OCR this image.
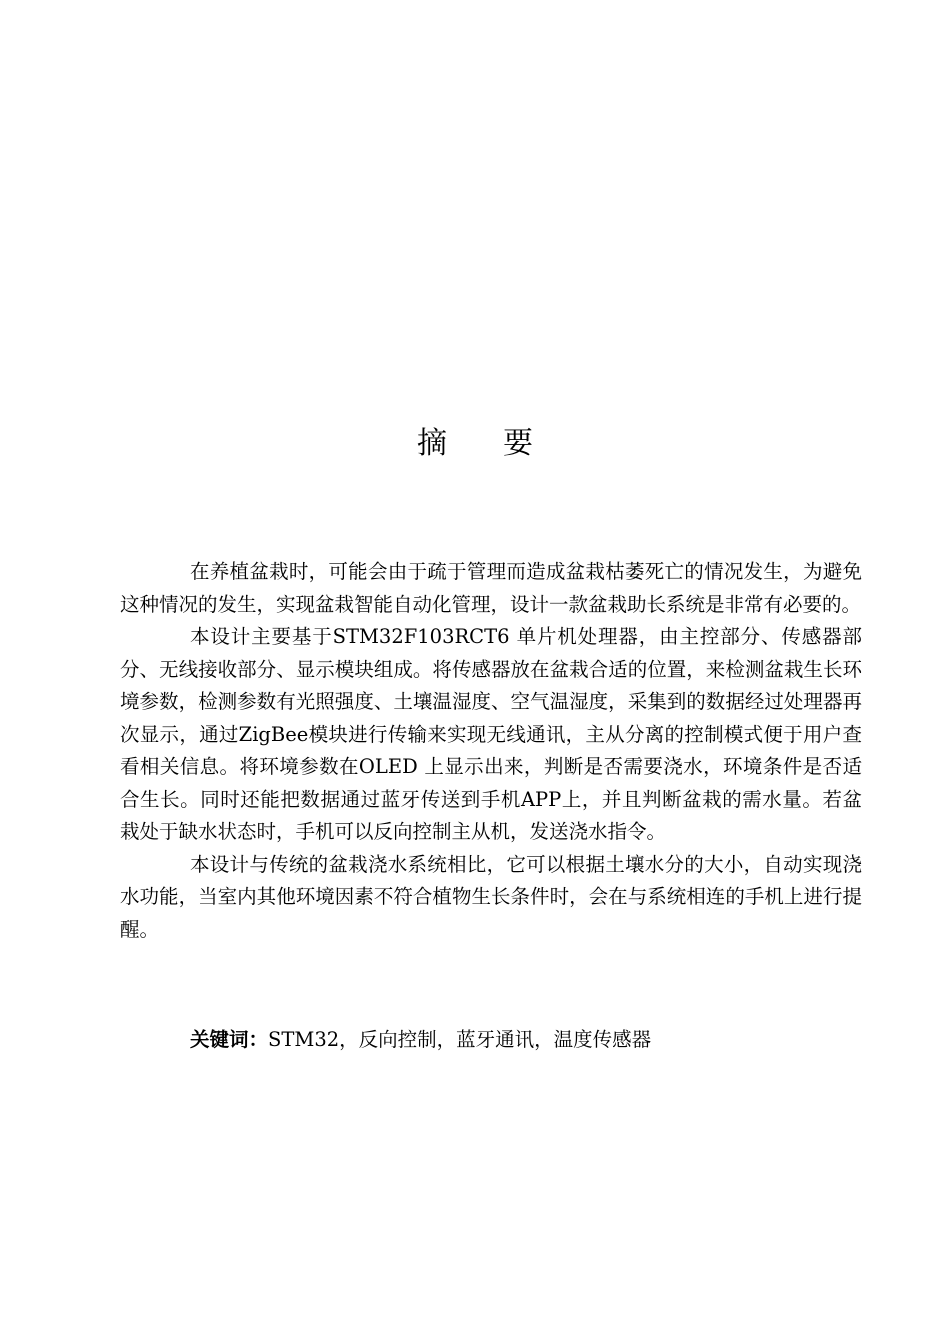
摘 要

在养植盆栽时，可能会由于疏于管理而造成盆栽枯萎死亡的情况发生，为避免这种情况的发生，实现盆栽智能自动化管理，设计一款盆栽助长系统是非常有必要的。

本设计主要基于STM32F103RCT6 单片机处理器，由主控部分、传感器部分、无线接收部分、显示模块组成。将传感器放在盆栽合适的位置，来检测盆栽生长环境参数，检测参数有光照强度、土壤温湿度、空气温湿度，采集到的数据经过处理器再次显示，通过ZigBee模块进行传输来实现无线通讯，主从分离的控制模式便于用户查看相关信息。将环境参数在OLED 上显示出来，判断是否需要浇水，环境条件是否适合生长。同时还能把数据通过蓝牙传送到手机APP上，并且判断盆栽的需水量。若盆栽处于缺水状态时，手机可以反向控制主从机，发送浇水指令。

本设计与传统的盆栽浇水系统相比，它可以根据土壤水分的大小，自动实现浇水功能，当室内其他环境因素不符合植物生长条件时，会在与系统相连的手机上进行提醒。

关键词：STM32，反向控制，蓝牙通讯，温度传感器
